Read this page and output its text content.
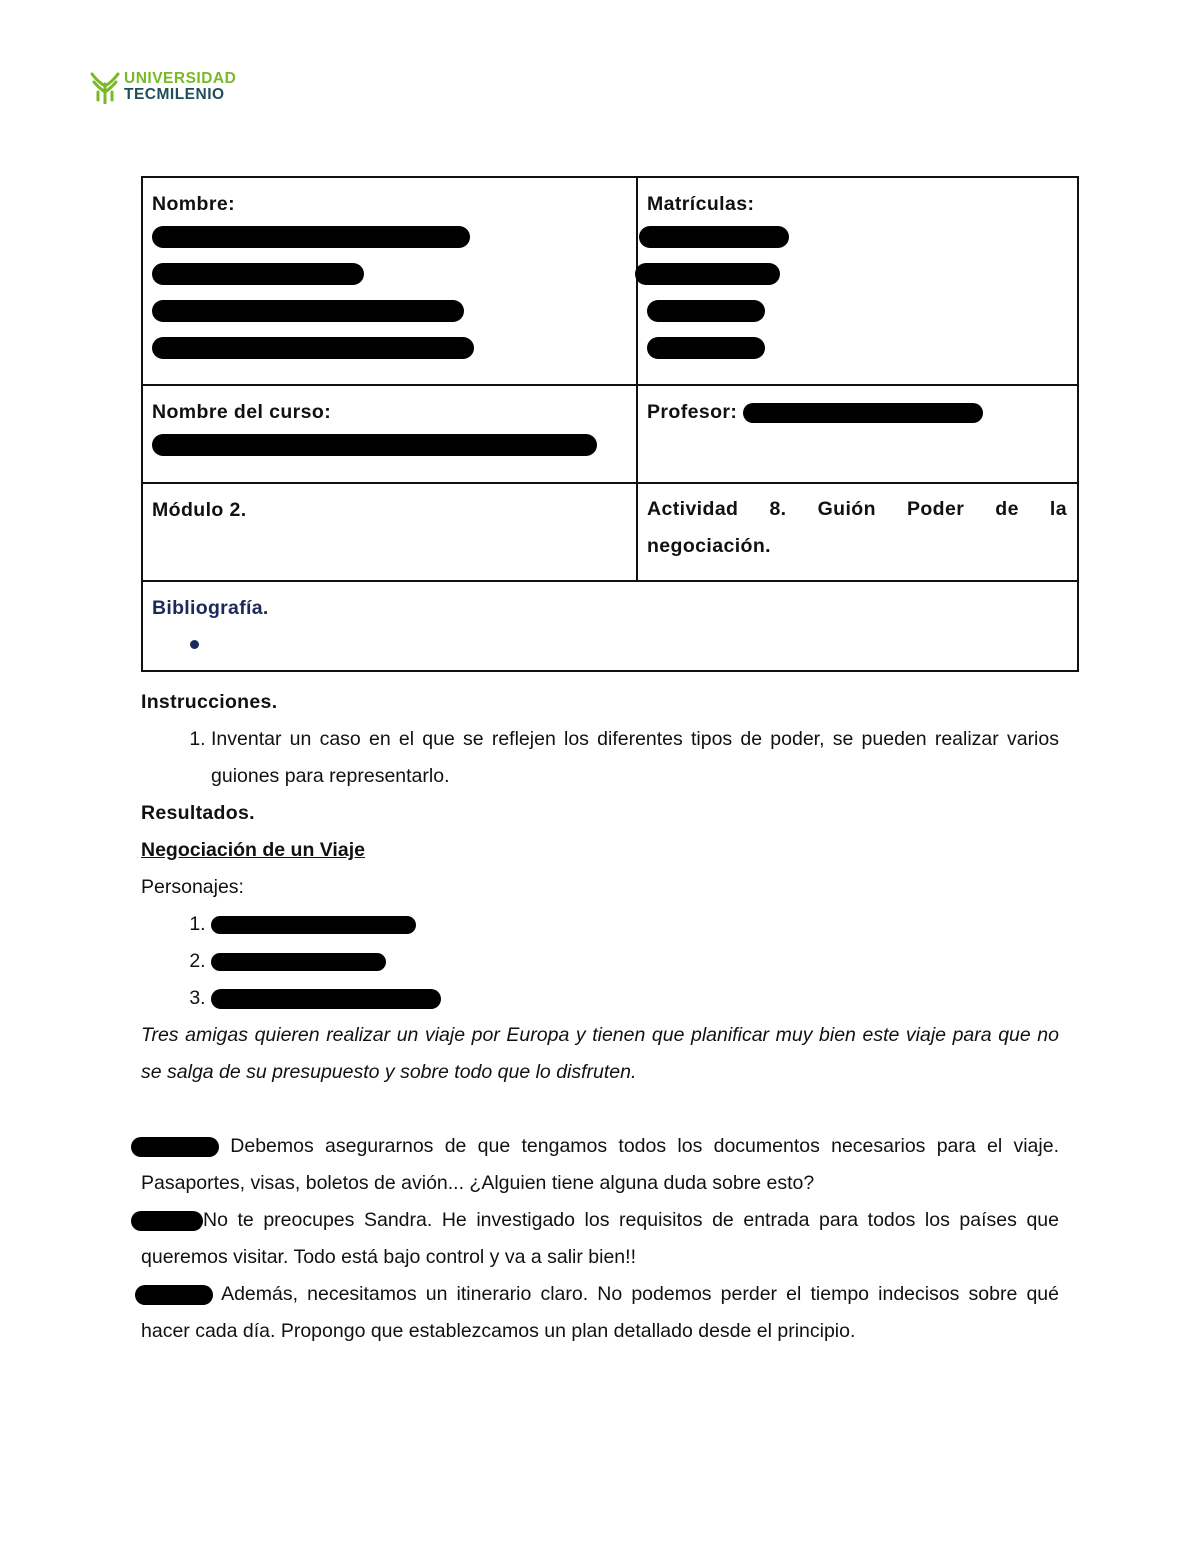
UNIVERSIDAD
TECMILENIO
Nombre:	Matrículas:

Nombre del curso:	Profesor:

Módulo 2.	Actividad 8. Guión Poder de la negociación.

Bibliografía.	

Instrucciones.

1. Inventar un caso en el que se reflejen los diferentes tipos de poder, se pueden realizar varios guiones para representarlo.

Resultados.

Negociación de un Viaje

Personajes:

1.
2.
3.

Tres amigas quieren realizar un viaje por Europa y tienen que planificar muy bien este viaje para que no se salga de su presupuesto y sobre todo que lo disfruten.

Debemos asegurarnos de que tengamos todos los documentos necesarios para el viaje. Pasaportes, visas, boletos de avión... ¿Alguien tiene alguna duda sobre esto?

No te preocupes Sandra. He investigado los requisitos de entrada para todos los países que queremos visitar. Todo está bajo control y va a salir bien!!

Además, necesitamos un itinerario claro. No podemos perder el tiempo indecisos sobre qué hacer cada día. Propongo que establezcamos un plan detallado desde el principio.
